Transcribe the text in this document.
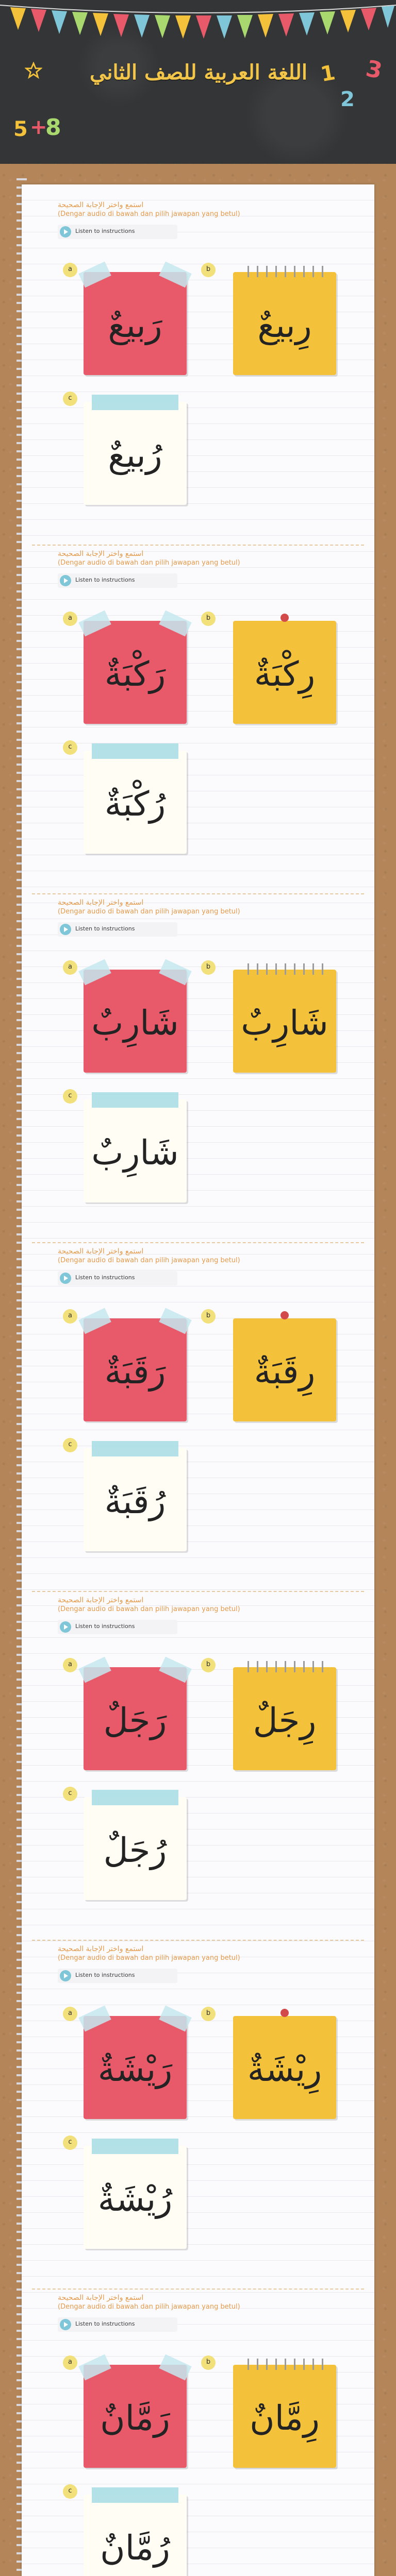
اللغة العربية للصف الثاني 1
2
3
5 +
8
استمع واختر الإجابة الصحيحة
(Dengar audio di bawah dan pilih jawapan yang betul)
Listen to instructions
a	b
c
رَبيعٌ	رِبيعٌ
رُبيعٌ
استمع واختر الإجابة الصحيحة
(Dengar audio di bawah dan pilih jawapan yang betul)
Listen to instructions
a	b
c
رَكْبَةٌ	رِكْبَةٌ
رُكْبَةٌ
استمع واختر الإجابة الصحيحة
(Dengar audio di bawah dan pilih jawapan yang betul)
Listen to instructions
a	b
c
شَارِبٌ شَارِبٌ
شَارِبٌ
استمع واختر الإجابة الصحيحة
(Dengar audio di bawah dan pilih jawapan yang betul)
Listen to instructions
a	b
c
رَقَبَةٌ	رِقَبَةٌ
رُقَبَةٌ
استمع واختر الإجابة الصحيحة
(Dengar audio di bawah dan pilih jawapan yang betul)
Listen to instructions
a	b
c
رَجَلٌ	رِجَلٌ
رُجَلٌ
استمع واختر الإجابة الصحيحة
(Dengar audio di bawah dan pilih jawapan yang betul)
Listen to instructions
a	b
c
رَيْشَةٌ	رِيْشَةٌ
رُيْشَةٌ
استمع واختر الإجابة الصحيحة
(Dengar audio di bawah dan pilih jawapan yang betul)
Listen to instructions
a	b
c
رَمَّانٌ	رِمَّانٌ
رُمَّانٌ
